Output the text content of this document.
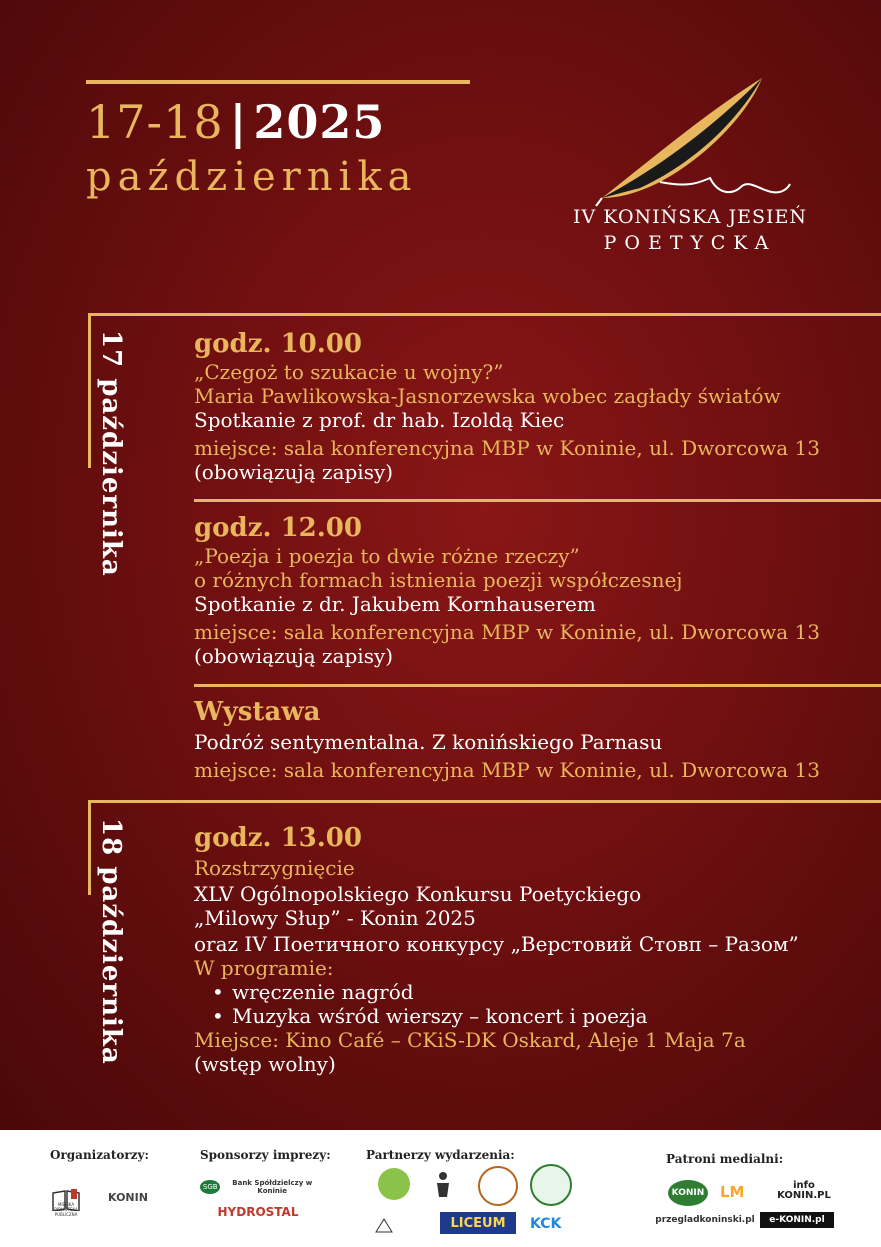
17-18 | 2025
października
IV KONIŃSKA JESIEŃ
POETYCKA
17 października	godz. 10.00
„Czegoż to szukacie u wojny?”
Maria Pawlikowska-Jasnorzewska wobec zagłady światów
Spotkanie z prof. dr hab. Izoldą Kiec
miejsce: sala konferencyjna MBP w Koninie, ul. Dworcowa 13
(obowiązują zapisy)
godz. 12.00
„Poezja i poezja to dwie różne rzeczy”
o różnych formach istnienia poezji współczesnej
Spotkanie z dr. Jakubem Kornhauserem
miejsce: sala konferencyjna MBP w Koninie, ul. Dworcowa 13
(obowiązują zapisy)
Wystawa
Podróż sentymentalna. Z konińskiego Parnasu
miejsce: sala konferencyjna MBP w Koninie, ul. Dworcowa 13
18 października	godz. 13.00
Rozstrzygnięcie
XLV Ogólnopolskiego Konkursu Poetyckiego
„Milowy Słup” - Konin 2025
oraz IV Поетичного конкурсу „Верстовий Стовп – Разом”
W programie:
• wręczenie nagród
• Muzyka wśród wierszy – koncert i poezja
Miejsce: Kino Café – CKiS-DK Oskard, Aleje 1 Maja 7a
(wstęp wolny)
Organizatorzy:	Sponsorzy imprezy:	Partnerzy wydarzenia:	Patroni medialni:
MIEJSKA BIBLIOTEKA PUBLICZNA
KONIN
SGB	Bank Spółdzielczy w Koninie
HYDROSTAL
LICEUM	KCK
KONIN LM	info KONIN.PL
przegladkoninski.pl	e-KONIN.pl
